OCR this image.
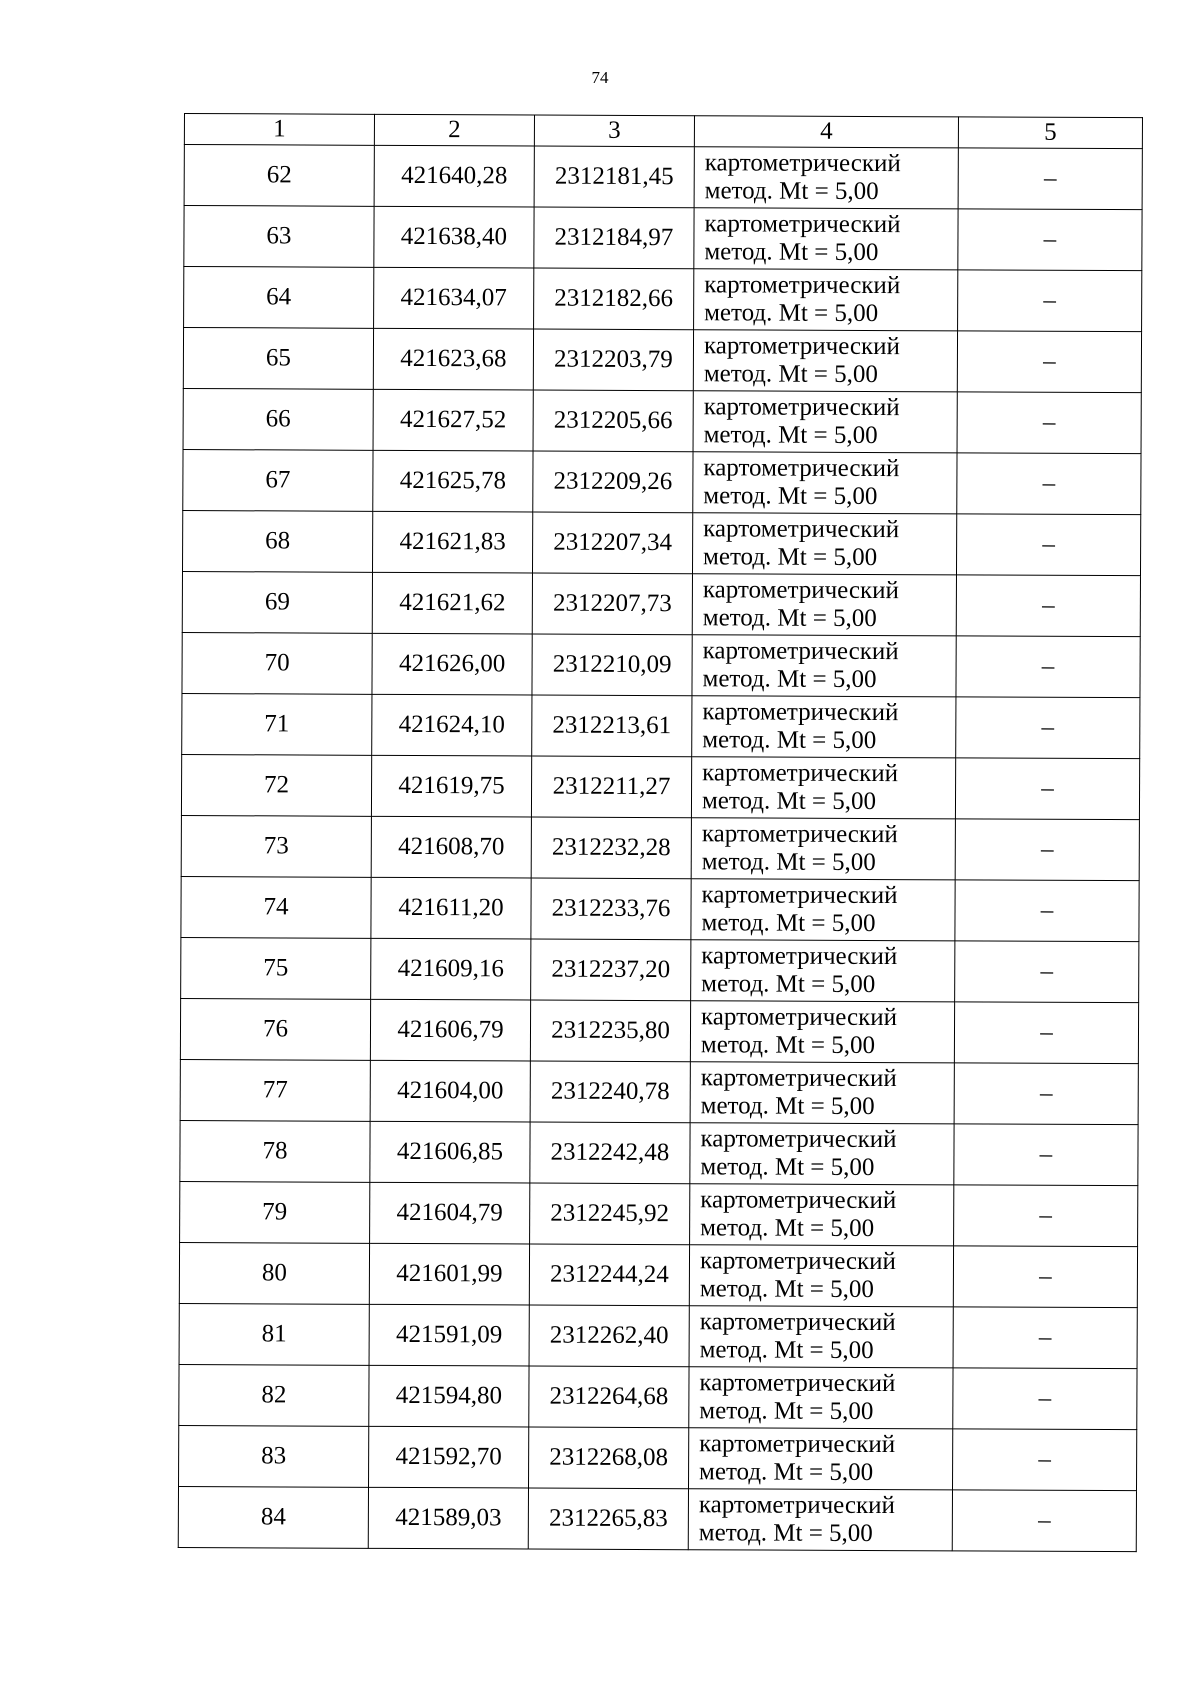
74
1	2	3	4	5
62	421640,28	2312181,45	картометрический
метод. Mt = 5,00	–
63	421638,40	2312184,97	картометрический
метод. Mt = 5,00	–
64	421634,07	2312182,66	картометрический
метод. Mt = 5,00	–
65	421623,68	2312203,79	картометрический
метод. Mt = 5,00	–
66	421627,52	2312205,66	картометрический
метод. Mt = 5,00	–
67	421625,78	2312209,26	картометрический
метод. Mt = 5,00	–
68	421621,83	2312207,34	картометрический
метод. Mt = 5,00	–
69	421621,62	2312207,73	картометрический
метод. Mt = 5,00	–
70	421626,00	2312210,09	картометрический
метод. Mt = 5,00	–
71	421624,10	2312213,61	картометрический
метод. Mt = 5,00	–
72	421619,75	2312211,27	картометрический
метод. Mt = 5,00	–
73	421608,70	2312232,28	картометрический
метод. Mt = 5,00	–
74	421611,20	2312233,76	картометрический
метод. Mt = 5,00	–
75	421609,16	2312237,20	картометрический
метод. Mt = 5,00	–
76	421606,79	2312235,80	картометрический
метод. Mt = 5,00	–
77	421604,00	2312240,78	картометрический
метод. Mt = 5,00	–
78	421606,85	2312242,48	картометрический
метод. Mt = 5,00	–
79	421604,79	2312245,92	картометрический
метод. Mt = 5,00	–
80	421601,99	2312244,24	картометрический
метод. Mt = 5,00	–
81	421591,09	2312262,40	картометрический
метод. Mt = 5,00	–
82	421594,80	2312264,68	картометрический
метод. Mt = 5,00	–
83	421592,70	2312268,08	картометрический
метод. Mt = 5,00	–
84	421589,03	2312265,83	картометрический
метод. Mt = 5,00	–
